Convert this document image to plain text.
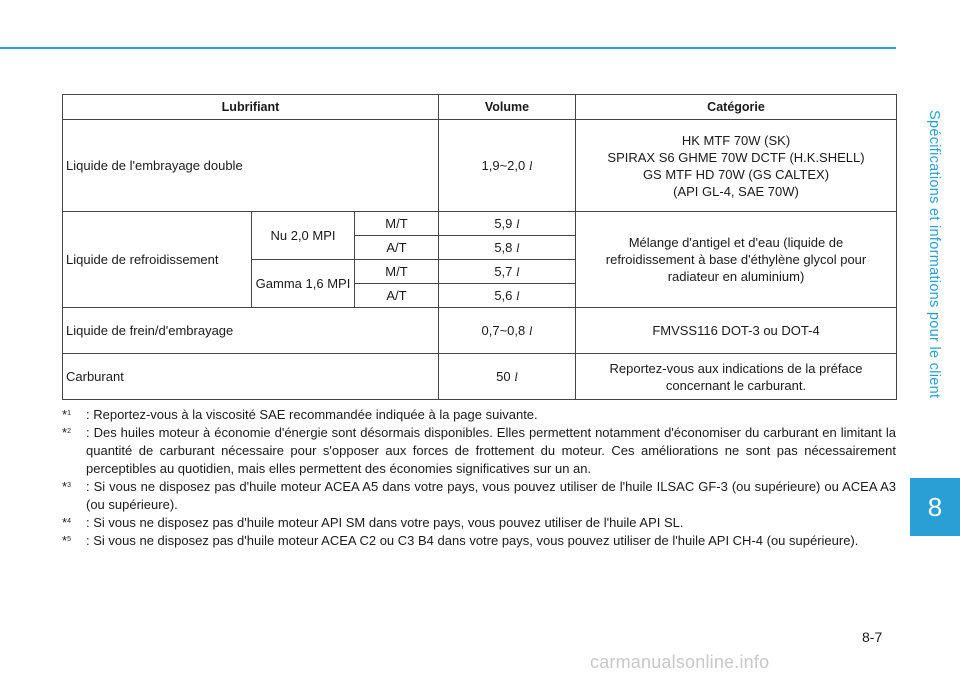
Spécifications et informations pour le client
8
Lubrifiant			Volume	Catégorie
Liquide de l'embrayage double			1,9~2,0 l	HK MTF 70W (SK)
SPIRAX S6 GHME 70W DCTF (H.K.SHELL)
GS MTF HD 70W (GS CALTEX)
(API GL-4, SAE 70W)

Liquide de refroidissement	Nu 2,0 MPI	M/T	5,9 l	Mélange d'antigel et d'eau (liquide de refroidissement à base d'éthylène glycol pour radiateur en aluminium)
		A/T	5,8 l	
	Gamma 1,6 MPI	M/T	5,7 l	
		A/T	5,6 l	
Liquide de frein/d'embrayage			0,7~0,8 l	FMVSS116 DOT-3 ou DOT-4
Carburant			50 l	Reportez-vous aux indications de la préface concernant le carburant.
*$^1$	: Reportez-vous à la viscosité SAE recommandée indiquée à la page suivante.
*$^2$	: Des huiles moteur à économie d'énergie sont désormais disponibles. Elles permettent notamment d'économiser du carburant en limitant la quantité de carburant nécessaire pour s'opposer aux forces de frottement du moteur. Ces améliorations ne sont pas nécessairement perceptibles au quotidien, mais elles permettent des économies significatives sur un an.
*$^3$	: Si vous ne disposez pas d'huile moteur ACEA A5 dans votre pays, vous pouvez utiliser de l'huile ILSAC GF-3 (ou supérieure) ou ACEA A3 (ou supérieure).
*$^4$	: Si vous ne disposez pas d'huile moteur API SM dans votre pays, vous pouvez utiliser de l'huile API SL.
*$^5$	: Si vous ne disposez pas d'huile moteur ACEA C2 ou C3 B4 dans votre pays, vous pouvez utiliser de l'huile API CH-4 (ou supérieure).
8-7
carmanualsonline.info
